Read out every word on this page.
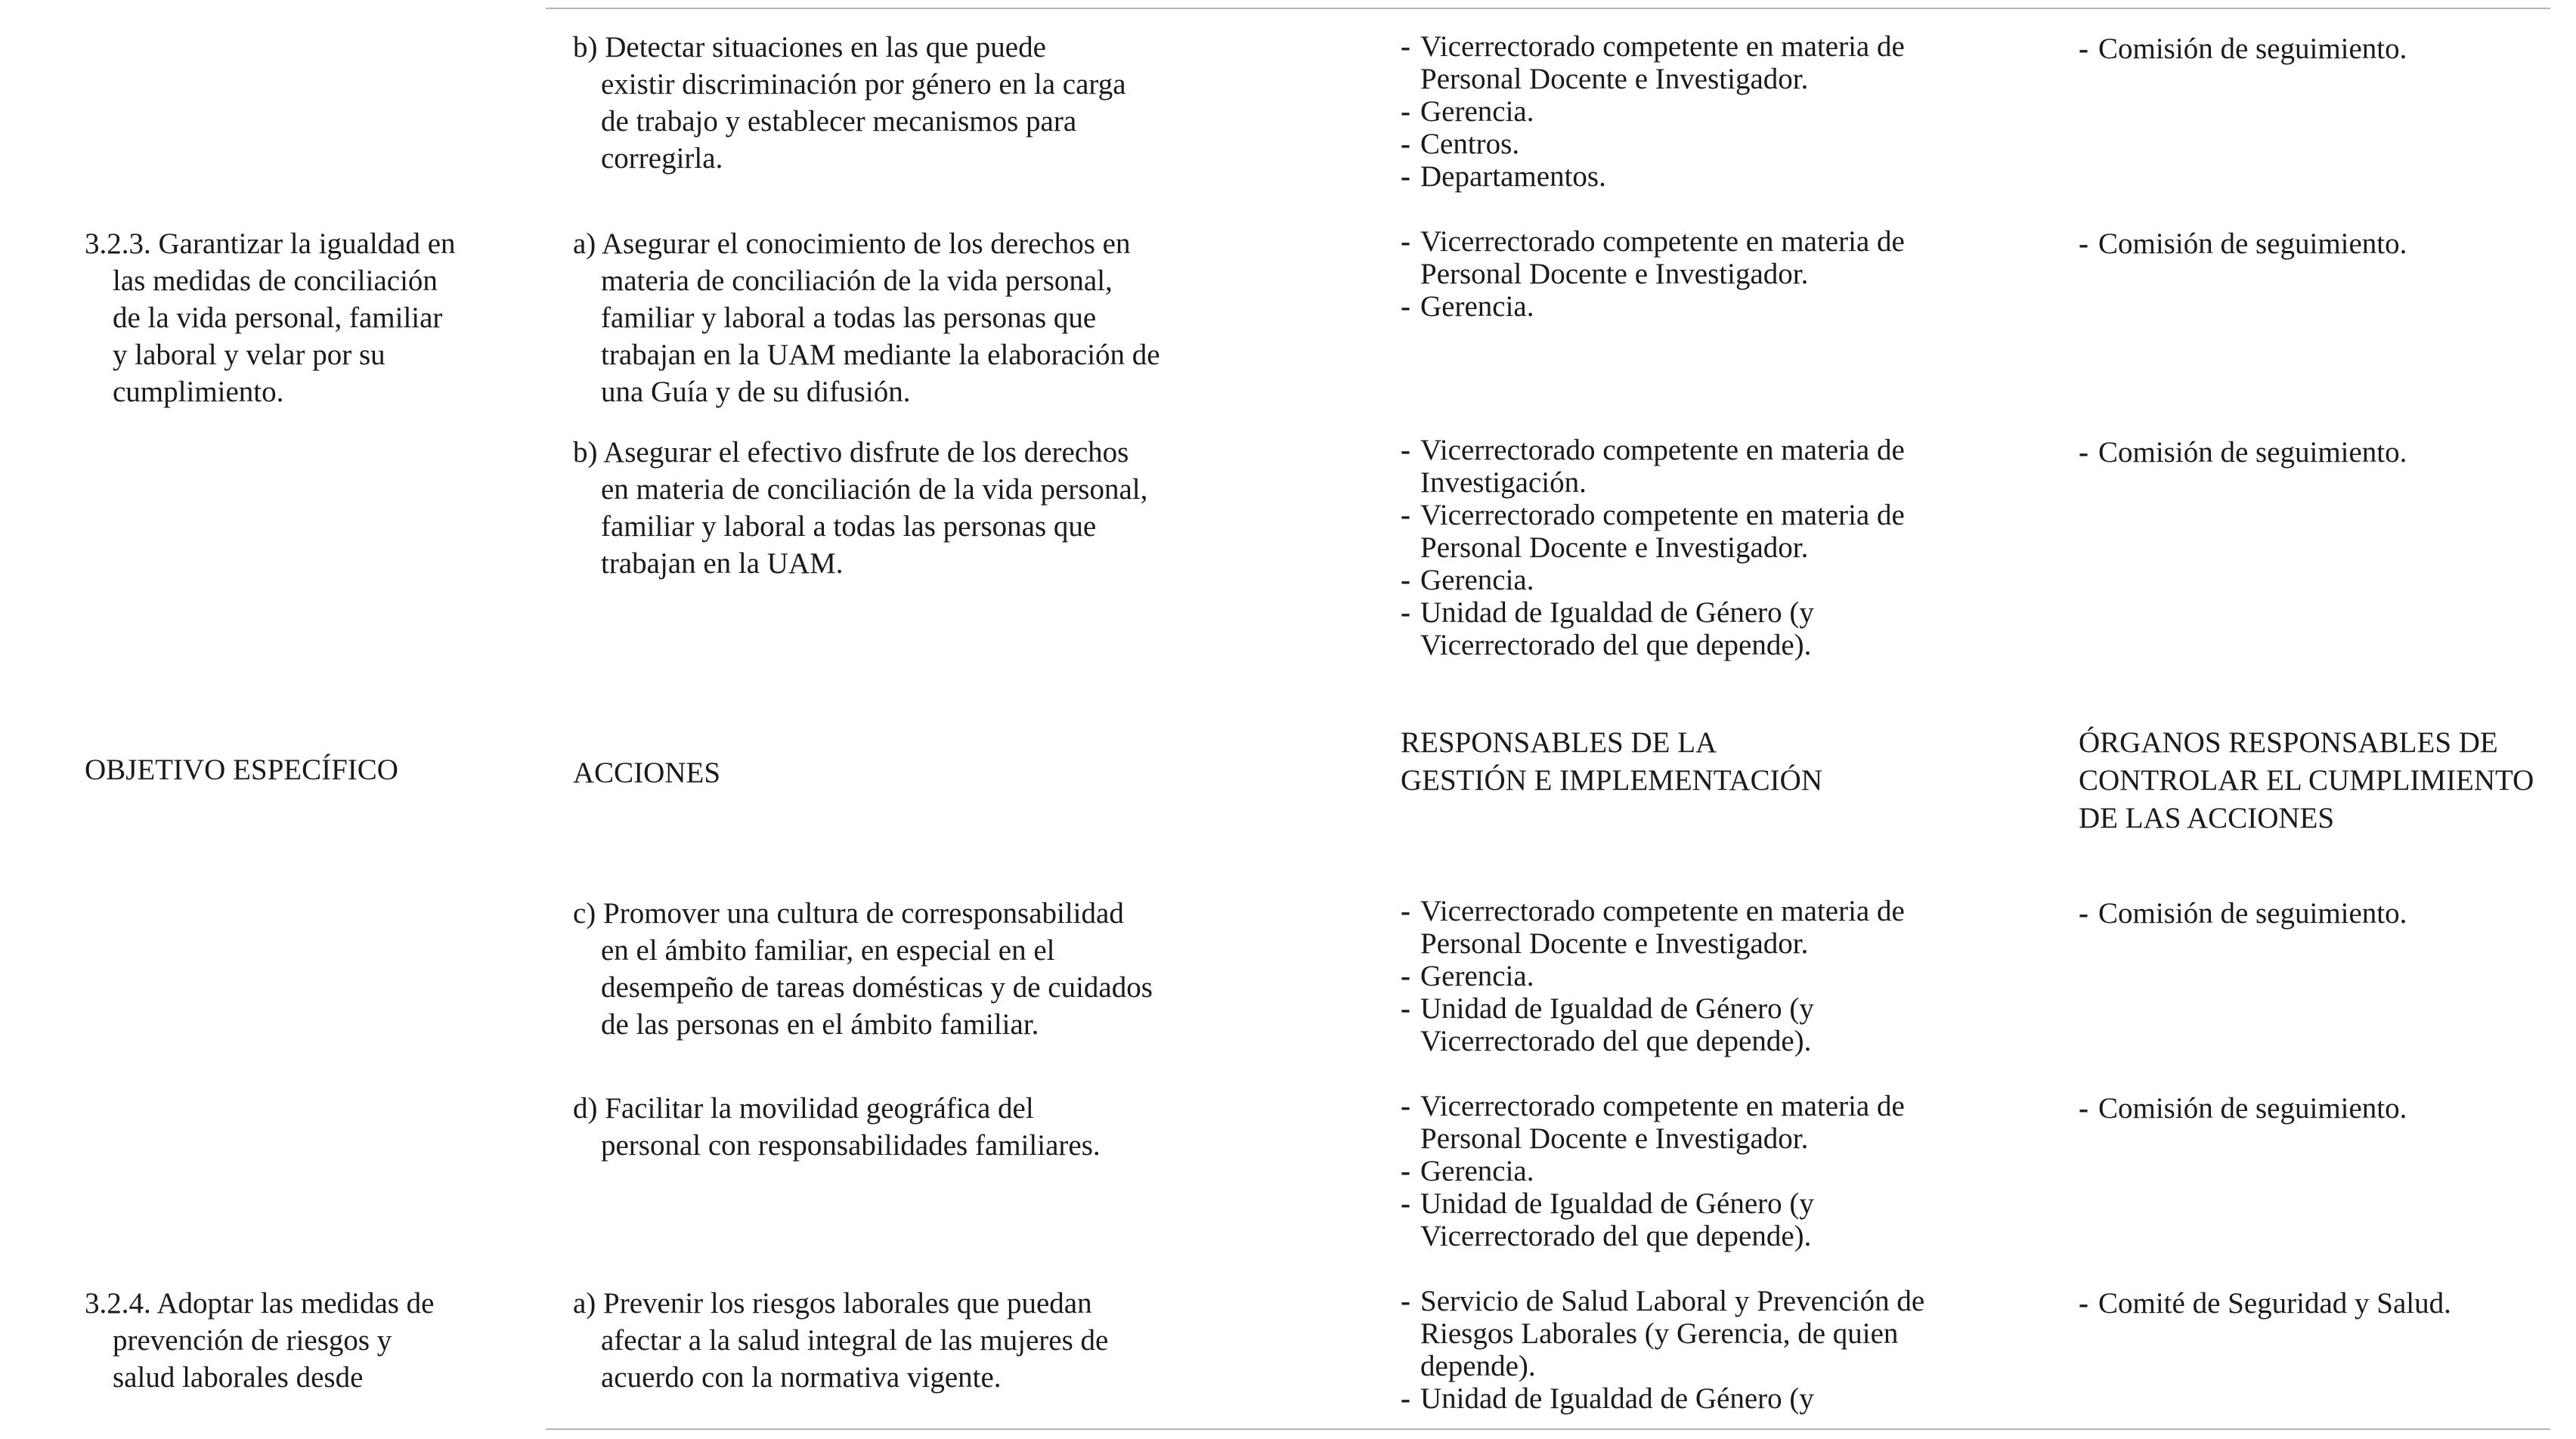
b) Detectar situaciones en las que puede
existir discriminación por género en la carga
de trabajo y establecer mecanismos para
corregirla.

- Vicerrectorado competente en materia de Personal Docente e Investigador.
- Gerencia.
- Centros.
- Departamentos.
- Comisión de seguimiento.

3.2.3. Garantizar la igualdad en
las medidas de conciliación
de la vida personal, familiar
y laboral y velar por su
cumplimiento.

a) Asegurar el conocimiento de los derechos en
materia de conciliación de la vida personal,
familiar y laboral a todas las personas que
trabajan en la UAM mediante la elaboración de
una Guía y de su difusión.

- Vicerrectorado competente en materia de Personal Docente e Investigador.
- Gerencia.
- Comisión de seguimiento.

b) Asegurar el efectivo disfrute de los derechos
en materia de conciliación de la vida personal,
familiar y laboral a todas las personas que
trabajan en la UAM.

- Vicerrectorado competente en materia de Investigación.
- Vicerrectorado competente en materia de Personal Docente e Investigador.
- Gerencia.
- Unidad de Igualdad de Género (y Vicerrectorado del que depende).
- Comisión de seguimiento.

OBJETIVO ESPECÍFICO	ACCIONES

RESPONSABLES DE LA GESTIÓN E IMPLEMENTACIÓN

ÓRGANOS RESPONSABLES DE CONTROLAR EL CUMPLIMIENTO DE LAS ACCIONES

c) Promover una cultura de corresponsabilidad
en el ámbito familiar, en especial en el
desempeño de tareas domésticas y de cuidados
de las personas en el ámbito familiar.

- Vicerrectorado competente en materia de Personal Docente e Investigador.
- Gerencia.
- Unidad de Igualdad de Género (y Vicerrectorado del que depende).
- Comisión de seguimiento.

d) Facilitar la movilidad geográfica del
personal con responsabilidades familiares.

- Vicerrectorado competente en materia de Personal Docente e Investigador.
- Gerencia.
- Unidad de Igualdad de Género (y Vicerrectorado del que depende).
- Comisión de seguimiento.

3.2.4. Adoptar las medidas de
prevención de riesgos y
salud laborales desde

a) Prevenir los riesgos laborales que puedan
afectar a la salud integral de las mujeres de
acuerdo con la normativa vigente.

- Servicio de Salud Laboral y Prevención de Riesgos Laborales (y Gerencia, de quien depende).
- Unidad de Igualdad de Género (y
- Comité de Seguridad y Salud.
